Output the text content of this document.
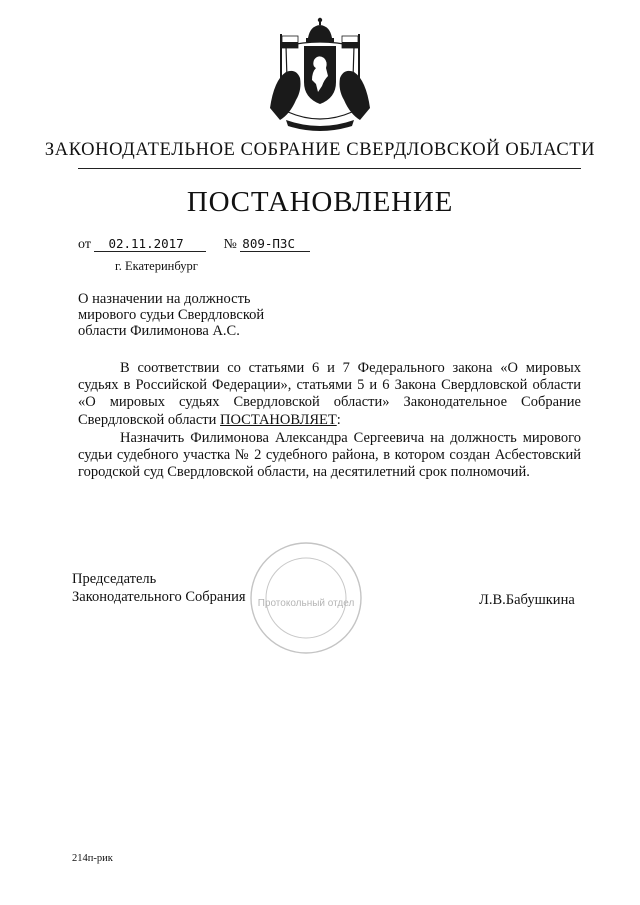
ЗАКОНОДАТЕЛЬНОЕ СОБРАНИЕ СВЕРДЛОВСКОЙ ОБЛАСТИ
ПОСТАНОВЛЕНИЕ
от 02.11.2017	№ 809-ПЗС
г. Екатеринбург
О назначении на должность
мирового судьи Свердловской
области Филимонова А.С.

В соответствии со статьями 6 и 7 Федерального закона «О мировых судьях в Российской Федерации», статьями 5 и 6 Закона Свердловской области «О мировых судьях Свердловской области» Законодательное Собрание Свердловской области ПОСТАНОВЛЯЕТ:

Назначить Филимонова Александра Сергеевича на должность мирового судьи судебного участка № 2 судебного района, в котором создан Асбестовский городской суд Свердловской области, на десятилетний срок полномочий.

Протокольный отдел
Председатель
Законодательного Собрания	Л.В.Бабушкина
214п-рик
